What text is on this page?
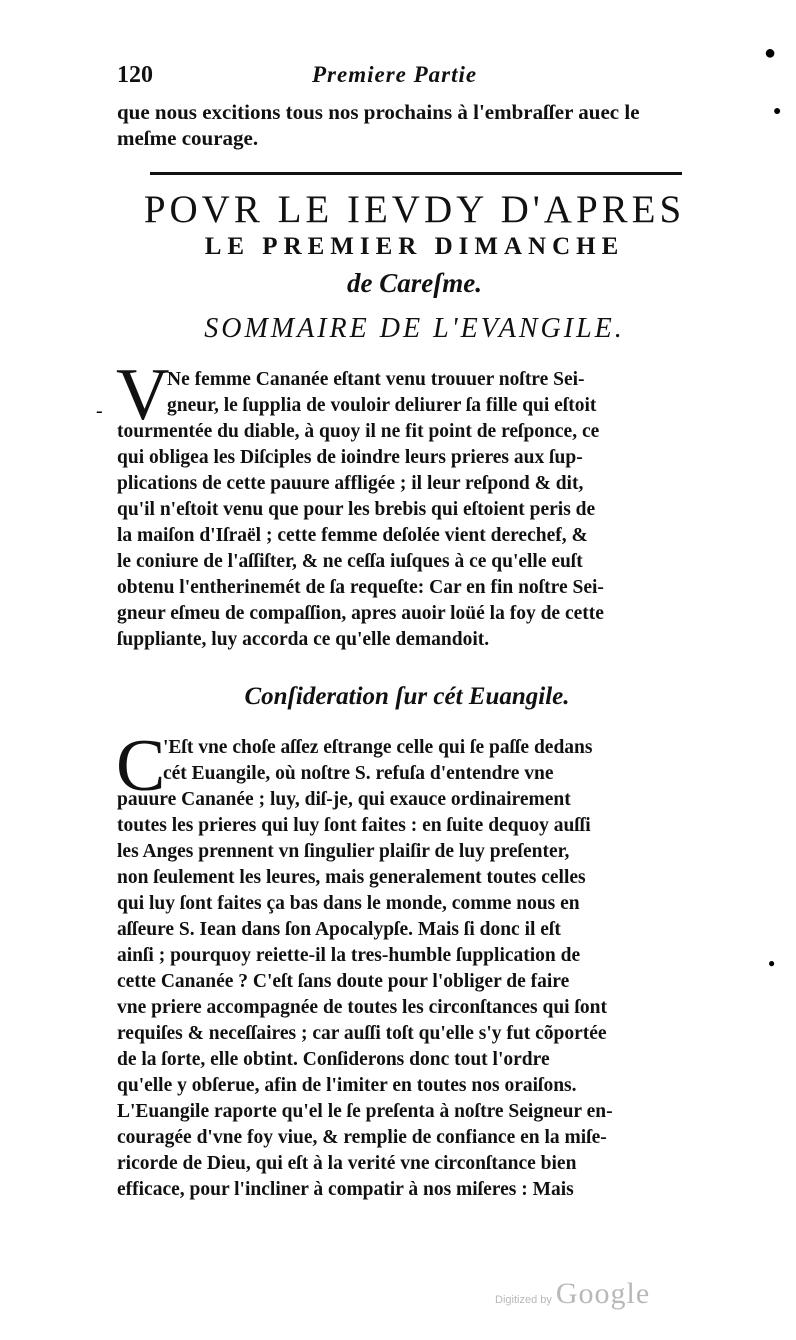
120	Premiere Partie
●
●
-
●
que nous excitions tous nos prochains à l'embraſſer auec le
meſme courage.
POVR LE IEVDY D'APRES
LE PREMIER DIMANCHE
de Careſme.
SOMMAIRE DE L'EVANGILE.
V
Ne femme Cananée eſtant venu trouuer noſtre Sei-
gneur, le ſupplia de vouloir deliurer ſa fille qui eſtoit
tourmentée du diable, à quoy il ne fit point de reſponce, ce
qui obligea les Diſciples de ioindre leurs prieres aux ſup-
plications de cette pauure affligée ; il leur reſpond & dit,
qu'il n'eſtoit venu que pour les brebis qui eſtoient peris de
la maiſon d'Iſraël ; cette femme deſolée vient derechef, &
le coniure de l'aſſiſter, & ne ceſſa iuſques à ce qu'elle euſt
obtenu l'entherinemét de ſa requeſte: Car en fin noſtre Sei-
gneur eſmeu de compaſſion, apres auoir loüé la foy de cette
ſuppliante, luy accorda ce qu'elle demandoit.
Conſideration ſur cét Euangile.
C
'Eſt vne choſe aſſez eſtrange celle qui ſe paſſe dedans
cét Euangile, où noſtre S. refuſa d'entendre vne
pauure Cananée ; luy, diſ-je, qui exauce ordinairement
toutes les prieres qui luy ſont faites : en ſuite dequoy auſſi
les Anges prennent vn ſingulier plaiſir de luy preſenter,
non ſeulement les leures, mais generalement toutes celles
qui luy ſont faites ça bas dans le monde, comme nous en
aſſeure S. Iean dans ſon Apocalypſe. Mais ſi donc il eſt
ainſi ; pourquoy reiette-il la tres-humble ſupplication de
cette Cananée ? C'eſt ſans doute pour l'obliger de faire
vne priere accompagnée de toutes les circonſtances qui ſont
requiſes & neceſſaires ; car auſſi toſt qu'elle s'y fut cõportée
de la ſorte, elle obtint. Conſiderons donc tout l'ordre
qu'elle y obſerue, afin de l'imiter en toutes nos oraiſons.
L'Euangile raporte qu'el le ſe preſenta à noſtre Seigneur en-
couragée d'vne foy viue, & remplie de confiance en la miſe-
ricorde de Dieu, qui eſt à la verité vne circonſtance bien
efficace, pour l'incliner à compatir à nos miſeres : Mais
Digitized by Google
